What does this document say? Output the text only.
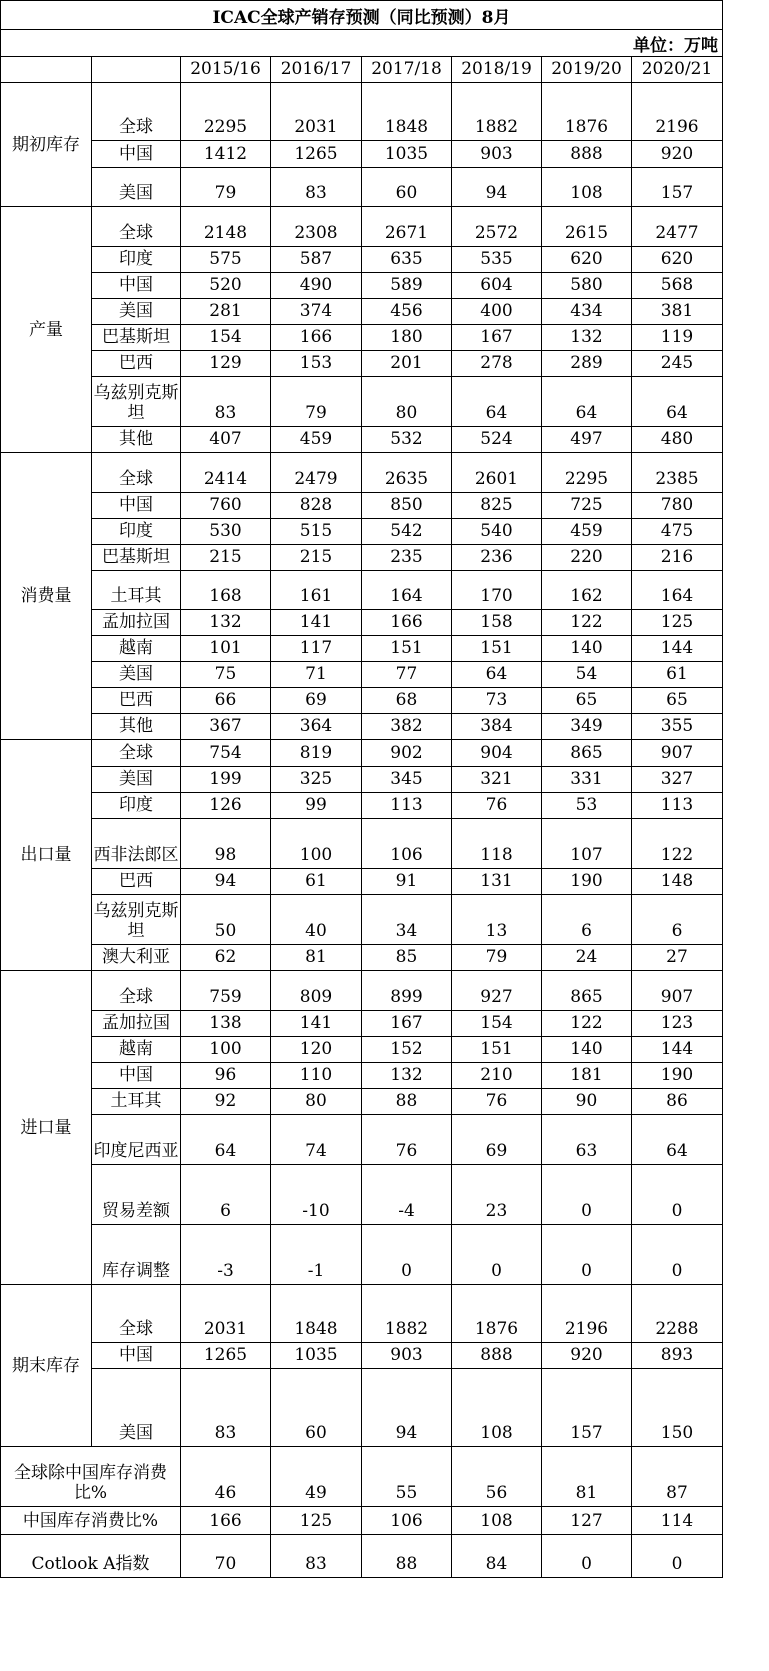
ICAC全球产销存预测（同比预测）8月
单位：万吨
2015/16	2016/17	2017/18	2018/19	2019/20	2020/21
期初库存
全球	2295	2031	1848	1882	1876	2196
中国	1412	1265	1035	903	888	920
美国	79	83	60	94	108	157
产量
全球	2148	2308	2671	2572	2615	2477
印度	575	587	635	535	620	620
中国	520	490	589	604	580	568
美国	281	374	456	400	434	381
巴基斯坦	154	166	180	167	132	119
巴西	129	153	201	278	289	245
乌兹别克斯坦	83	79	80	64	64	64
其他	407	459	532	524	497	480
消费量
全球	2414	2479	2635	2601	2295	2385
中国	760	828	850	825	725	780
印度	530	515	542	540	459	475
巴基斯坦	215	215	235	236	220	216
土耳其	168	161	164	170	162	164
孟加拉国	132	141	166	158	122	125
越南	101	117	151	151	140	144
美国	75	71	77	64	54	61
巴西	66	69	68	73	65	65
其他	367	364	382	384	349	355
出口量
全球	754	819	902	904	865	907
美国	199	325	345	321	331	327
印度	126	99	113	76	53	113
西非法郎区	98	100	106	118	107	122
巴西	94	61	91	131	190	148
乌兹别克斯坦	50	40	34	13	6	6
澳大利亚	62	81	85	79	24	27
进口量
全球	759	809	899	927	865	907
孟加拉国	138	141	167	154	122	123
越南	100	120	152	151	140	144
中国	96	110	132	210	181	190
土耳其	92	80	88	76	90	86
印度尼西亚	64	74	76	69	63	64
贸易差额	6	-10	-4	23	0	0
库存调整	-3	-1	0	0	0	0
期末库存
全球	2031	1848	1882	1876	2196	2288
中国	1265	1035	903	888	920	893
美国	83	60	94	108	157	150
全球除中国库存消费比%	46	49	55	56	81	87
中国库存消费比%	166	125	106	108	127	114
Cotlook A指数	70	83	88	84	0	0
